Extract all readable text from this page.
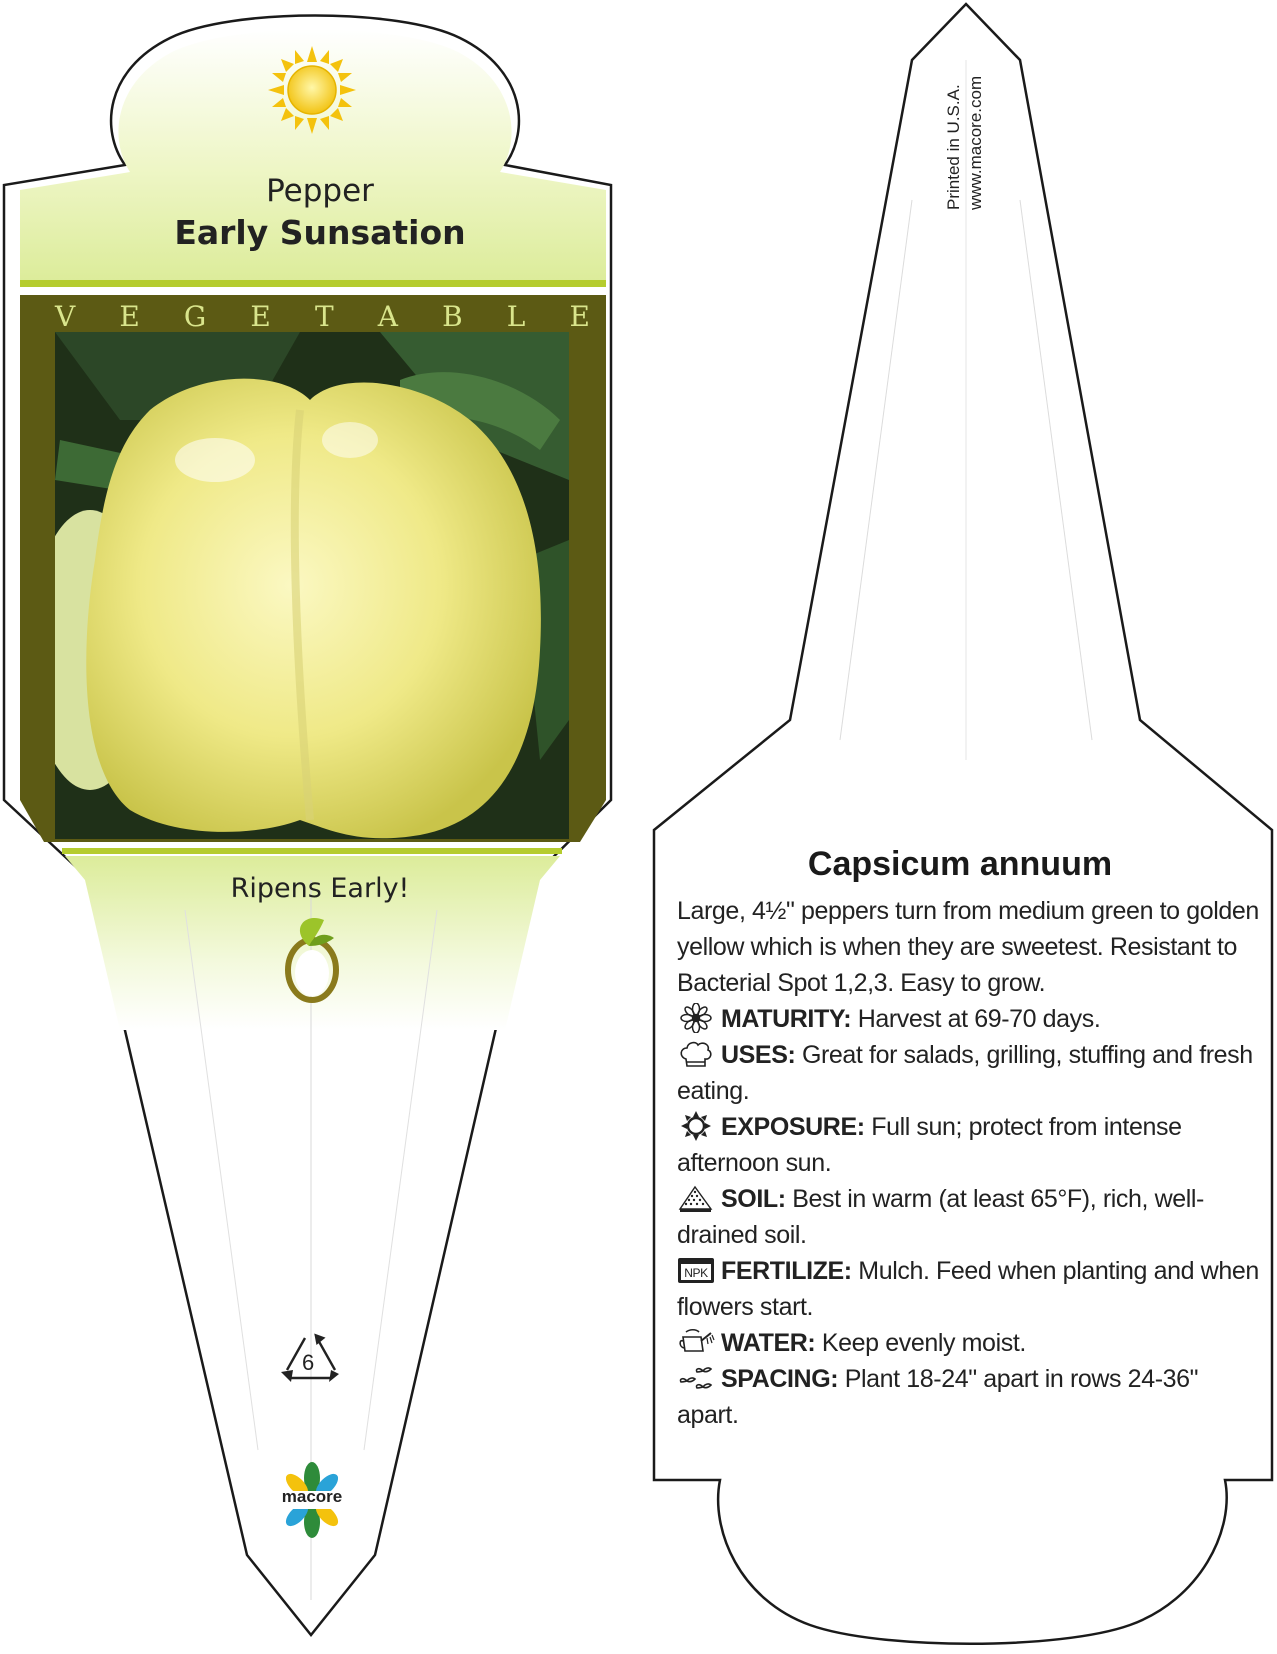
Pepper
Early Sunsation
V E G E T A B L E
Ripens Early!
6
macore
Printed in U.S.A. www.macore.com
Capsicum annuum

Large, 4½" peppers turn from medium green to golden yellow which is when they are sweetest. Resistant to Bacterial Spot 1,2,3. Easy to grow.

MATURITY: Harvest at 69-70 days.

USES: Great for salads, grilling, stuffing and fresh eating.

EXPOSURE: Full sun; protect from intense afternoon sun.

SOIL: Best in warm (at least 65°F), rich, well-drained soil.

NPK FERTILIZE: Mulch. Feed when planting and when flowers start.

WATER: Keep evenly moist.

SPACING: Plant 18-24" apart in rows 24-36" apart.
